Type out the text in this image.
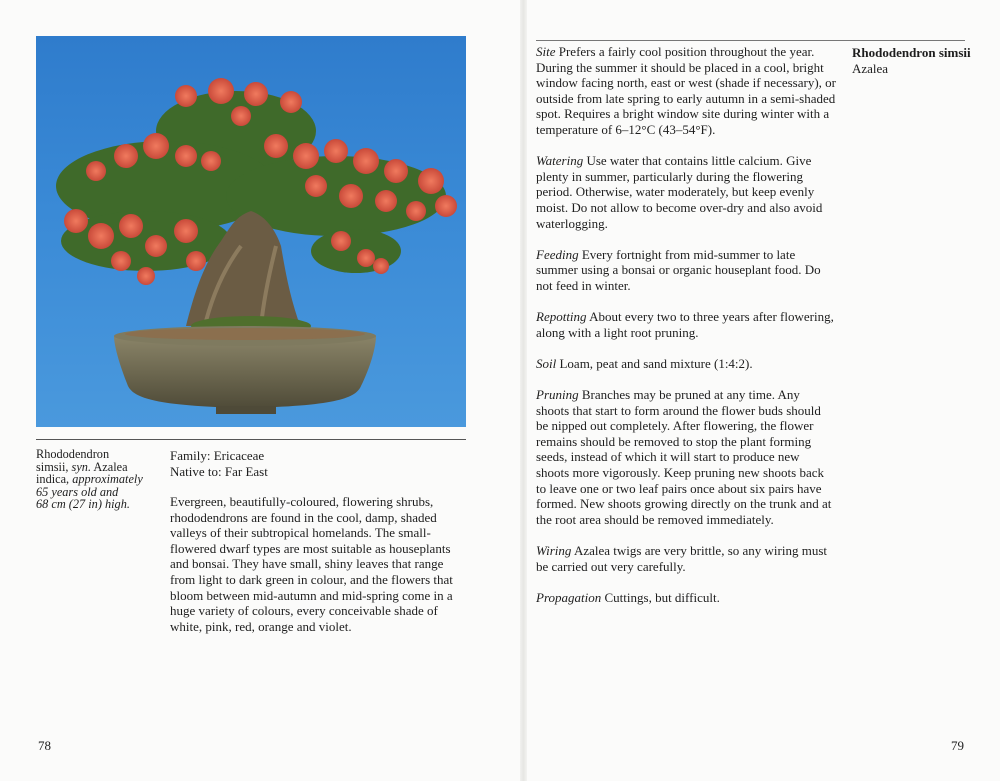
Rhododendron
simsii, syn. Azalea
indica, approximately
65 years old and
68 cm (27 in) high.
Family: Ericaceae
Native to: Far East
Evergreen, beautifully-coloured, flowering shrubs, rhododendrons are found in the cool, damp, shaded valleys of their subtropical homelands. The small-flowered dwarf types are most suitable as houseplants and bonsai. They have small, shiny leaves that range from light to dark green in colour, and the flowers that bloom between mid-autumn and mid-spring come in a huge variety of colours, every conceivable shade of white, pink, red, orange and violet.
78

Site Prefers a fairly cool position throughout the year. During the summer it should be placed in a cool, bright window facing north, east or west (shade if necessary), or outside from late spring to early autumn in a semi-shaded spot. Requires a bright window site during winter with a temperature of 6–12°C (43–54°F).

Watering Use water that contains little calcium. Give plenty in summer, particularly during the flowering period. Otherwise, water moderately, but keep evenly moist. Do not allow to become over-dry and also avoid waterlogging.

Feeding Every fortnight from mid-summer to late summer using a bonsai or organic houseplant food. Do not feed in winter.

Repotting About every two to three years after flowering, along with a light root pruning.

Soil Loam, peat and sand mixture (1:4:2).

Pruning Branches may be pruned at any time. Any shoots that start to form around the flower buds should be nipped out completely. After flowering, the flower remains should be removed to stop the plant forming seeds, instead of which it will start to produce new shoots more vigorously. Keep pruning new shoots back to leave one or two leaf pairs once about six pairs have formed. New shoots growing directly on the trunk and at the root area should be removed immediately.

Wiring Azalea twigs are very brittle, so any wiring must be carried out very carefully.

Propagation Cuttings, but difficult.

Rhododendron simsii
Azalea
79
